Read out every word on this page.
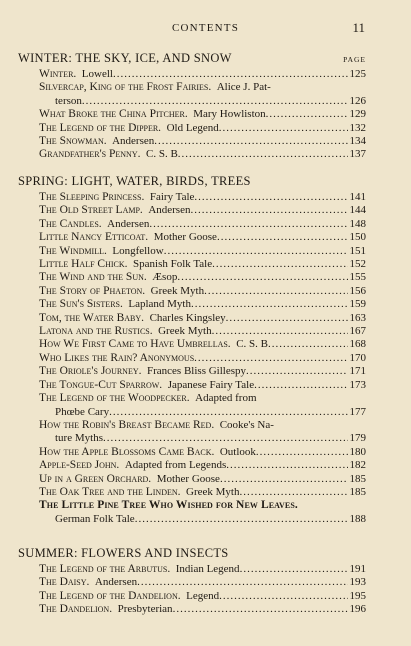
CONTENTS	11
WINTER: THE SKY, ICE, AND SNOW	PAGE
Winter.  Lowell .....	125
Silvercap, King of the Frost Fairies.  Alice J. Pat-
terson .....	126
What Broke the China Pitcher.  Mary Howliston .....	129
The Legend of the Dipper.  Old Legend .....	132
The Snowman.  Andersen .....	134
Grandfather's Penny.  C. S. B .....	137
SPRING: LIGHT, WATER, BIRDS, TREES
The Sleeping Princess.  Fairy Tale .....	141
The Old Street Lamp.  Andersen .....	144
The Candles.  Andersen .....	148
Little Nancy Etticoat.  Mother Goose .....	150
The Windmill.  Longfellow .....	151
Little Half Chick.  Spanish Folk Tale .....	152
The Wind and the Sun.  Æsop .....	155
The Story of Phaeton.  Greek Myth .....	156
The Sun's Sisters.  Lapland Myth .....	159
Tom, the Water Baby.  Charles Kingsley .....	163
Latona and the Rustics.  Greek Myth .....	167
How We First Came to Have Umbrellas.  C. S. B .....	168
Who Likes the Rain? Anonymous .....	170
The Oriole's Journey.  Frances Bliss Gillespy .....	171
The Tongue-Cut Sparrow.  Japanese Fairy Tale .....	173
The Legend of the Woodpecker.  Adapted from
Phœbe Cary .....	177
How the Robin's Breast Became Red.  Cooke's Na-
ture Myths .....	179
How the Apple Blossoms Came Back.  Outlook .....	180
Apple-Seed John.  Adapted from Legends .....	182
Up in a Green Orchard.  Mother Goose .....	185
The Oak Tree and the Linden.  Greek Myth .....	185
The Little Pine Tree Who Wished for New Leaves.
German Folk Tale .....	188
SUMMER: FLOWERS AND INSECTS
The Legend of the Arbutus.  Indian Legend .....	191
The Daisy.  Andersen .....	193
The Legend of the Dandelion.  Legend .....	195
The Dandelion.  Presbyterian .....	196
